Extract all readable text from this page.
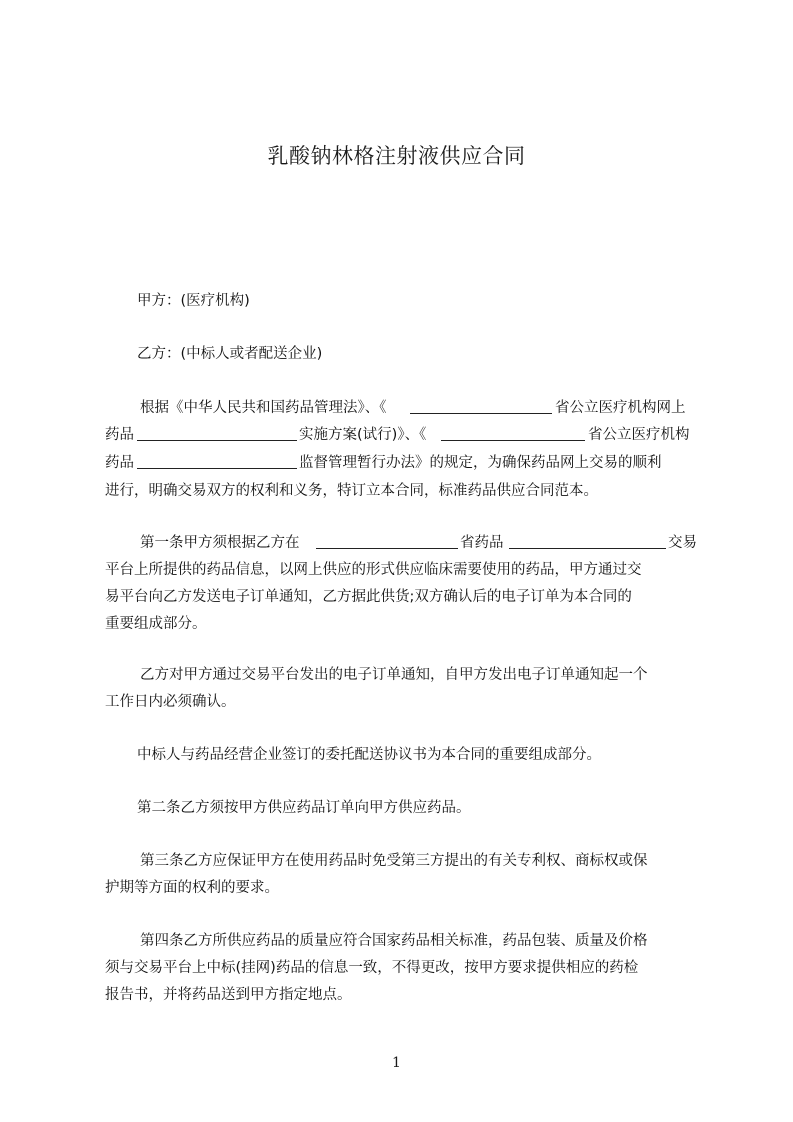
乳酸钠林格注射液供应合同
甲方：(医疗机构)
乙方：(中标人或者配送企业)
根据《中华人民共和国药品管理法》、《	省公立医疗机构网上
药品	实施方案(试行)》、《	省公立医疗机构
药品	监督管理暂行办法》的规定，为确保药品网上交易的顺利
进行，明确交易双方的权利和义务，特订立本合同，标准药品供应合同范本。
第一条甲方须根据乙方在	省药品	交易
平台上所提供的药品信息，以网上供应的形式供应临床需要使用的药品，甲方通过交
易平台向乙方发送电子订单通知，乙方据此供货;双方确认后的电子订单为本合同的
重要组成部分。
乙方对甲方通过交易平台发出的电子订单通知，自甲方发出电子订单通知起一个
工作日内必须确认。
中标人与药品经营企业签订的委托配送协议书为本合同的重要组成部分。
第二条乙方须按甲方供应药品订单向甲方供应药品。
第三条乙方应保证甲方在使用药品时免受第三方提出的有关专利权、商标权或保
护期等方面的权利的要求。
第四条乙方所供应药品的质量应符合国家药品相关标准，药品包装、质量及价格
须与交易平台上中标(挂网)药品的信息一致，不得更改，按甲方要求提供相应的药检
报告书，并将药品送到甲方指定地点。
1
